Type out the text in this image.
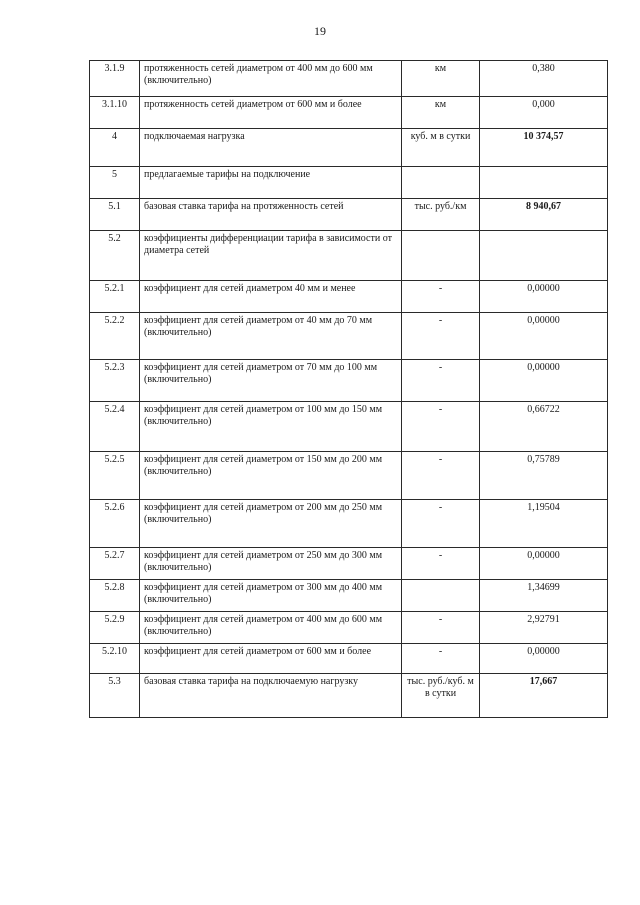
19
3.1.9	протяженность сетей диаметром от 400 мм до 600 мм (включительно)	км	0,380
3.1.10	протяженность сетей диаметром от 600 мм и более	км	0,000
4	подключаемая нагрузка	куб. м в сутки	10 374,57
5	предлагаемые тарифы на подключение		
5.1	базовая ставка тарифа на протяженность сетей	тыс. руб./км	8 940,67
5.2	коэффициенты дифференциации тарифа в зависимости от диаметра сетей		
5.2.1	коэффициент для сетей диаметром 40 мм и менее	-	0,00000
5.2.2	коэффициент для сетей диаметром от 40 мм до 70 мм (включительно)	-	0,00000
5.2.3	коэффициент для сетей диаметром от 70 мм до 100 мм (включительно)	-	0,00000
5.2.4	коэффициент для сетей диаметром от 100 мм до 150 мм (включительно)	-	0,66722
5.2.5	коэффициент для сетей диаметром от 150 мм до 200 мм (включительно)	-	0,75789
5.2.6	коэффициент для сетей диаметром от 200 мм до 250 мм (включительно)	-	1,19504
5.2.7	коэффициент для сетей диаметром от 250 мм до 300 мм (включительно)	-	0,00000
5.2.8	коэффициент для сетей диаметром от 300 мм до 400 мм (включительно)		1,34699
5.2.9	коэффициент для сетей диаметром от 400 мм до 600 мм (включительно)	-	2,92791
5.2.10	коэффициент для сетей диаметром от 600 мм и более	-	0,00000
5.3	базовая ставка тарифа на подключаемую нагрузку	тыс. руб./куб. м в сутки	17,667
